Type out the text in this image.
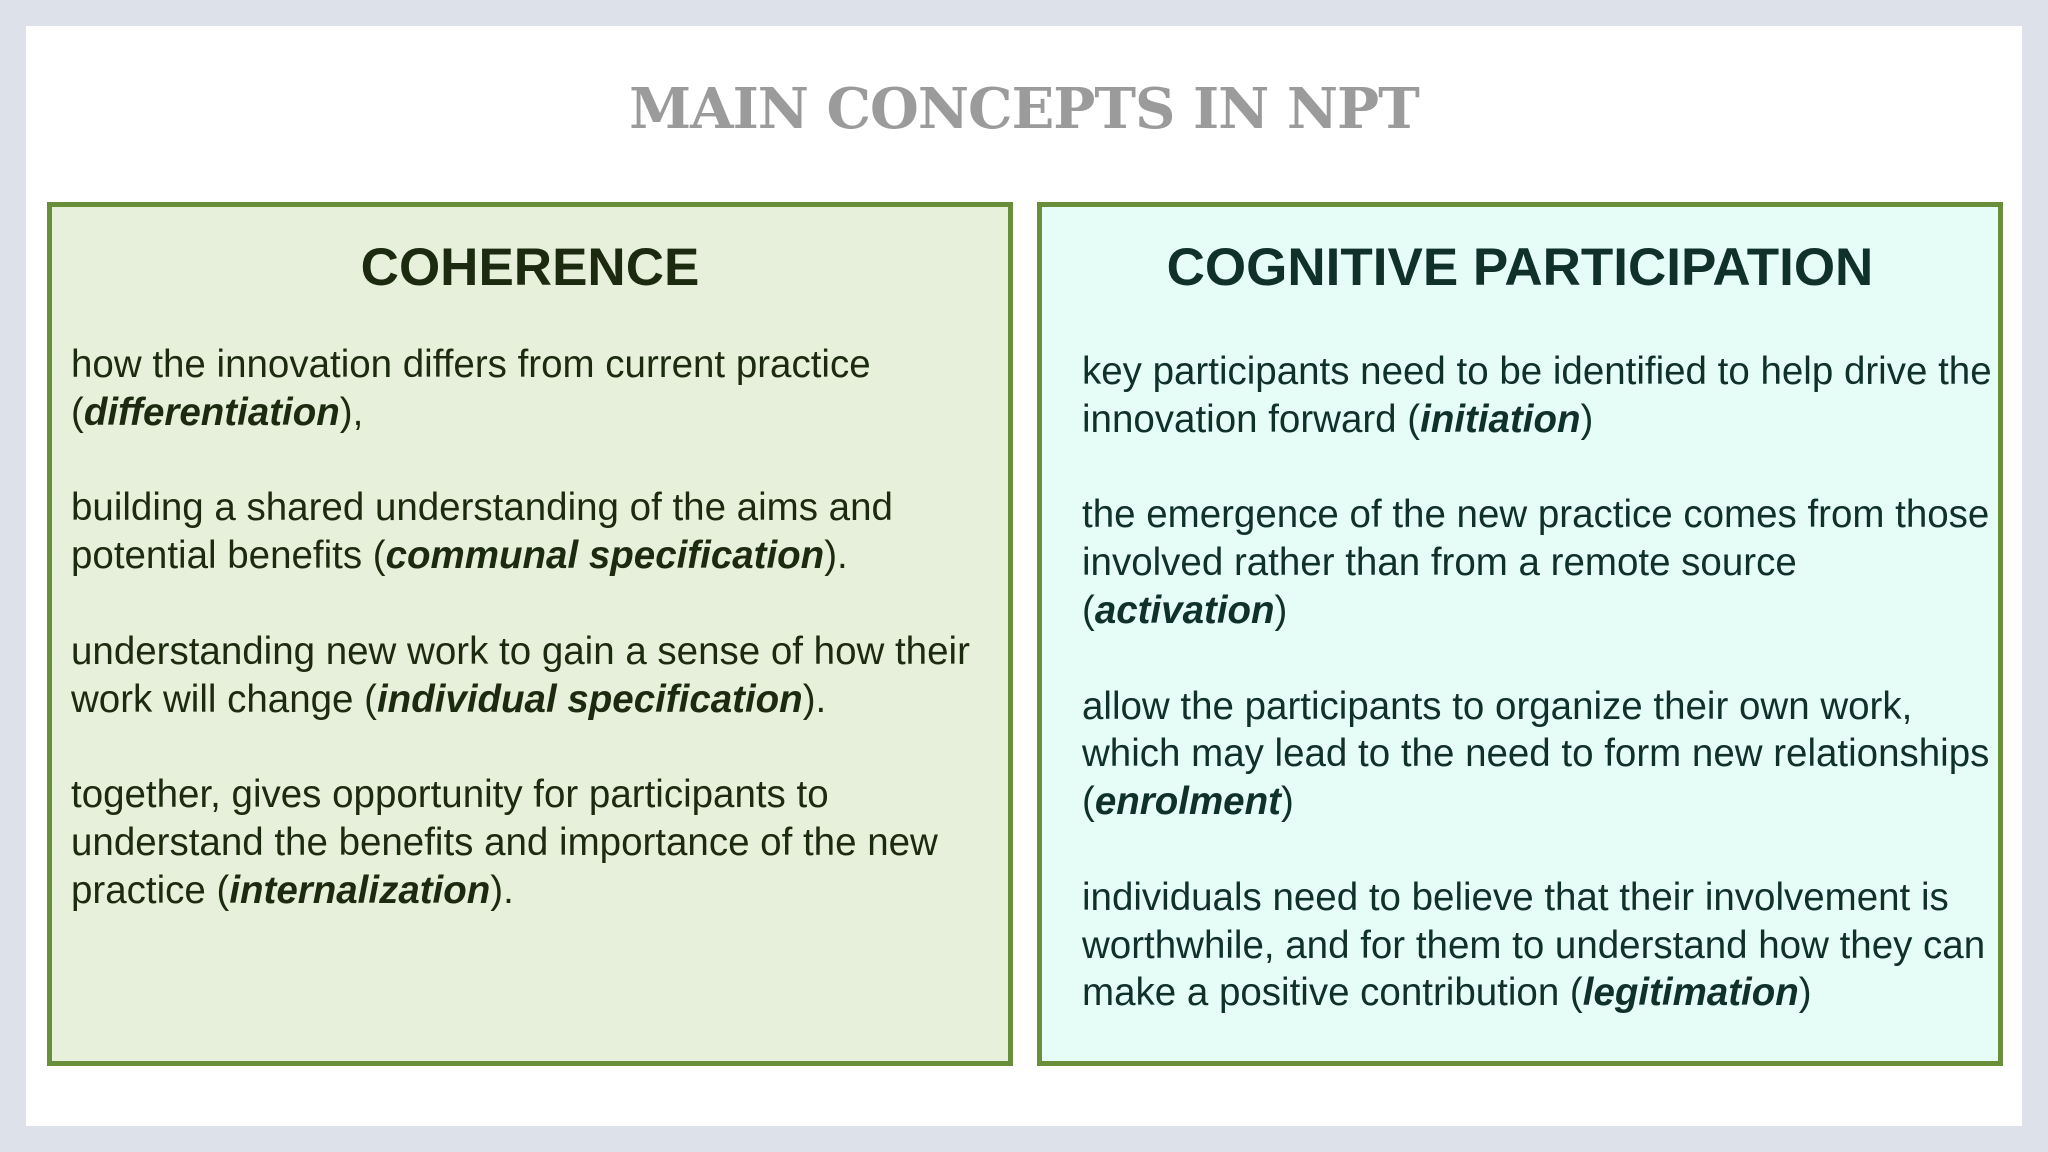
MAIN CONCEPTS IN NPT
COHERENCE

how the innovation differs from current practice (differentiation),

building a shared understanding of the aims and potential benefits (communal specification).

understanding new work to gain a sense of how their work will change (individual specification).

together, gives opportunity for participants to understand the benefits and importance of the new practice (internalization).

COGNITIVE PARTICIPATION

key participants need to be identified to help drive the innovation forward (initiation)

the emergence of the new practice comes from those involved rather than from a remote source (activation)

allow the participants to organize their own work, which may lead to the need to form new relationships (enrolment)

individuals need to believe that their involvement is worthwhile, and for them to understand how they can make a positive contribution (legitimation)
